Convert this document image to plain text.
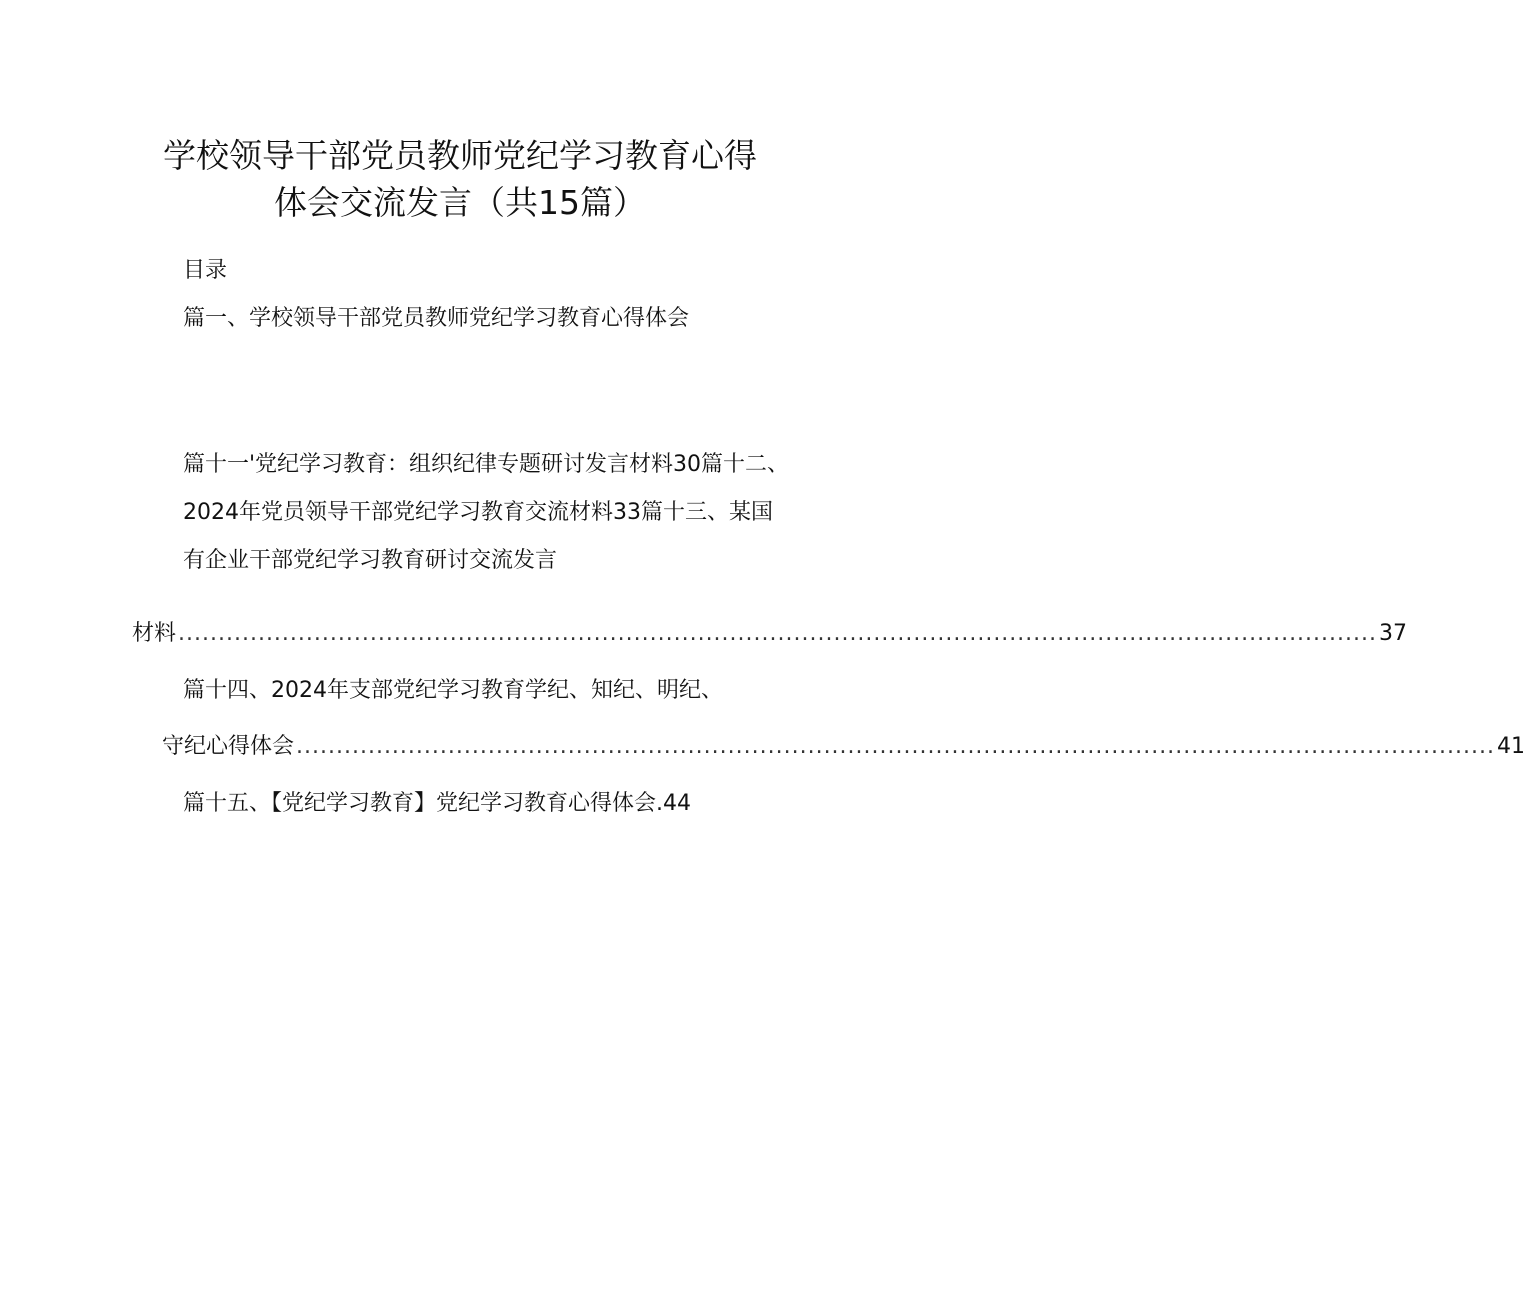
学校领导干部党员教师党纪学习教育心得
体会交流发言（共15篇）
目录
篇一、学校领导干部党员教师党纪学习教育心得体会
篇十一'党纪学习教育：组织纪律专题研讨发言材料30篇十二、
2024年党员领导干部党纪学习教育交流材料33篇十三、某国
有企业干部党纪学习教育研讨交流发言
材料 ...................................................................................................................................................... 37
篇十四、2024年支部党纪学习教育学纪、知纪、明纪、
守纪心得体会 ...................................................................................................................................................... 41
篇十五、【党纪学习教育】党纪学习教育心得体会.44
